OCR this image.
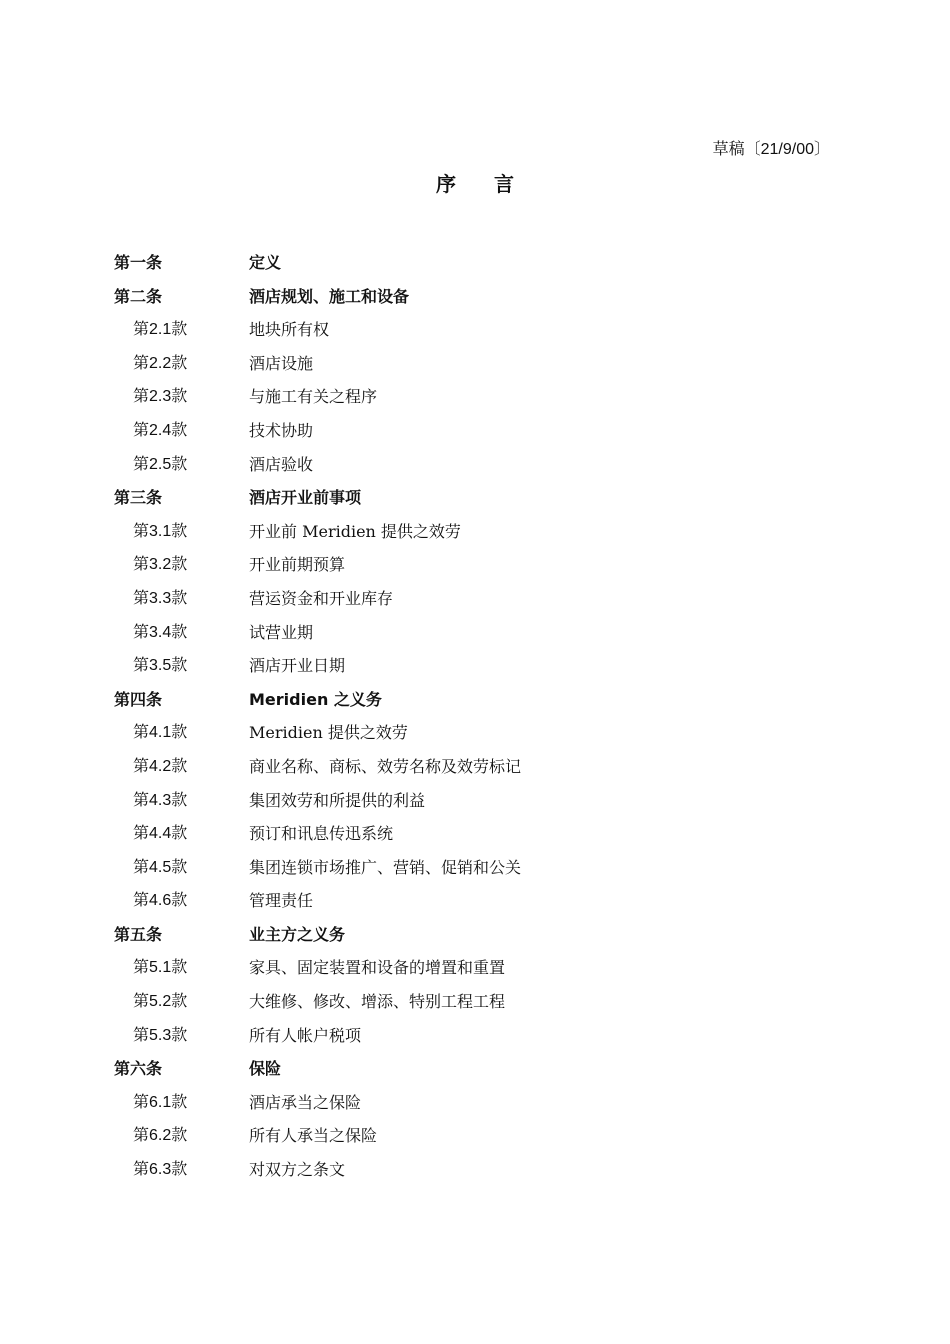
草稿〔21/9/00〕
序言
第一条	定义
第二条	酒店规划、施工和设备
第2.1款	地块所有权
第2.2款	酒店设施
第2.3款	与施工有关之程序
第2.4款	技术协助
第2.5款	酒店验收
第三条	酒店开业前事项
第3.1款	开业前 Meridien 提供之效劳
第3.2款	开业前期预算
第3.3款	营运资金和开业库存
第3.4款	试营业期
第3.5款	酒店开业日期
第四条	Meridien 之义务
第4.1款	Meridien 提供之效劳
第4.2款	商业名称、商标、效劳名称及效劳标记
第4.3款	集团效劳和所提供的利益
第4.4款	预订和讯息传迅系统
第4.5款	集团连锁市场推广、营销、促销和公关
第4.6款	管理责任
第五条	业主方之义务
第5.1款	家具、固定装置和设备的增置和重置
第5.2款	大维修、修改、增添、特别工程工程
第5.3款	所有人帐户税项
第六条	保险
第6.1款	酒店承当之保险
第6.2款	所有人承当之保险
第6.3款	对双方之条文
